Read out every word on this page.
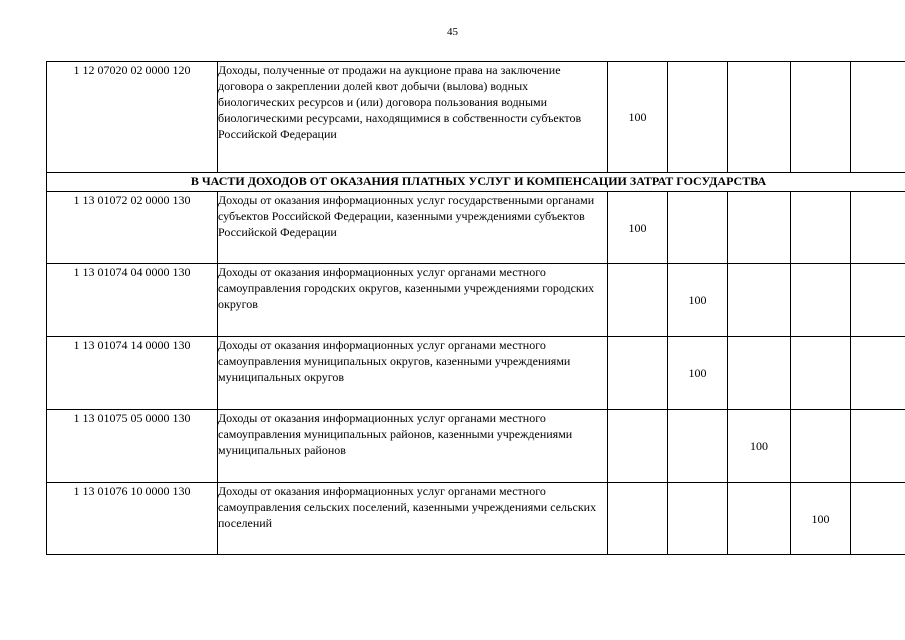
45
1 12 07020 02 0000 120	Доходы, полученные от продажи на аукционе права на заключение договора о закреплении долей квот добычи (вылова) водных биологических ресурсов и (или) договора пользования водными биологическими ресурсами, находящимися в собственности субъектов Российской Федерации	100				
В ЧАСТИ ДОХОДОВ ОТ ОКАЗАНИЯ ПЛАТНЫХ УСЛУГ И КОМПЕНСАЦИИ ЗАТРАТ ГОСУДАРСТВА						
1 13 01072 02 0000 130	Доходы от оказания информационных услуг государственными органами субъектов Российской Федерации, казенными учреждениями субъектов Российской Федерации	100				
1 13 01074 04 0000 130	Доходы от оказания информационных услуг органами местного самоуправления городских округов, казенными учреждениями городских округов		100			
1 13 01074 14 0000 130	Доходы от оказания информационных услуг органами местного самоуправления муниципальных округов, казенными учреждениями муниципальных округов		100			
1 13 01075 05 0000 130	Доходы от оказания информационных услуг органами местного самоуправления муниципальных районов, казенными учреждениями муниципальных районов			100		
1 13 01076 10 0000 130	Доходы от оказания информационных услуг органами местного самоуправления сельских поселений, казенными учреждениями сельских поселений				100	
